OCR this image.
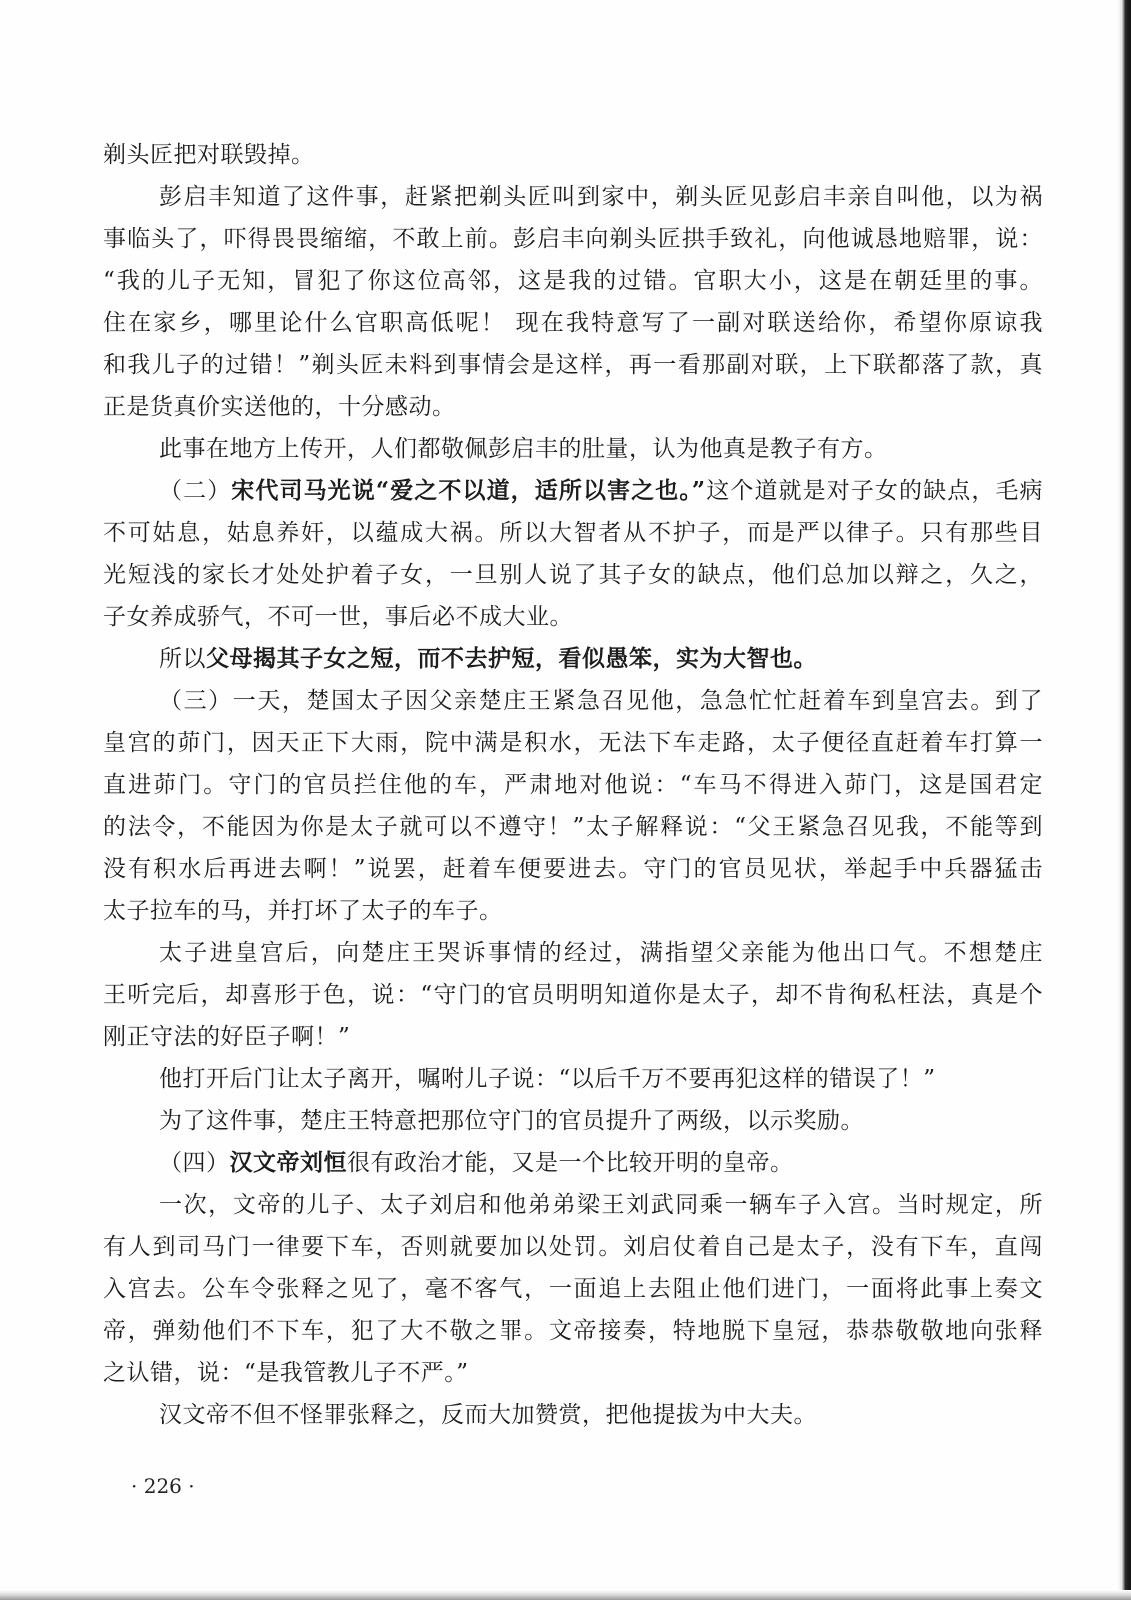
剃头匠把对联毁掉。
彭启丰知道了这件事，赶紧把剃头匠叫到家中，剃头匠见彭启丰亲自叫他，以为祸
事临头了，吓得畏畏缩缩，不敢上前。彭启丰向剃头匠拱手致礼，向他诚恳地赔罪，说：
“我的儿子无知，冒犯了你这位高邻，这是我的过错。官职大小，这是在朝廷里的事。
住在家乡，哪里论什么官职高低呢！ 现在我特意写了一副对联送给你，希望你原谅我
和我儿子的过错！”剃头匠未料到事情会是这样，再一看那副对联，上下联都落了款，真
正是货真价实送他的，十分感动。
此事在地方上传开，人们都敬佩彭启丰的肚量，认为他真是教子有方。
（二）宋代司马光说“爱之不以道，适所以害之也。”这个道就是对子女的缺点，毛病
不可姑息，姑息养奸，以蕴成大祸。所以大智者从不护子，而是严以律子。只有那些目
光短浅的家长才处处护着子女，一旦别人说了其子女的缺点，他们总加以辩之，久之，
子女养成骄气，不可一世，事后必不成大业。
所以父母揭其子女之短，而不去护短，看似愚笨，实为大智也。
（三）一天，楚国太子因父亲楚庄王紧急召见他，急急忙忙赶着车到皇宫去。到了
皇宫的茆门，因天正下大雨，院中满是积水，无法下车走路，太子便径直赶着车打算一
直进茆门。守门的官员拦住他的车，严肃地对他说：“车马不得进入茆门，这是国君定
的法令，不能因为你是太子就可以不遵守！”太子解释说：“父王紧急召见我，不能等到
没有积水后再进去啊！”说罢，赶着车便要进去。守门的官员见状，举起手中兵器猛击
太子拉车的马，并打坏了太子的车子。
太子进皇宫后，向楚庄王哭诉事情的经过，满指望父亲能为他出口气。不想楚庄
王听完后，却喜形于色，说：“守门的官员明明知道你是太子，却不肯徇私枉法，真是个
刚正守法的好臣子啊！”
他打开后门让太子离开，嘱咐儿子说：“以后千万不要再犯这样的错误了！”
为了这件事，楚庄王特意把那位守门的官员提升了两级，以示奖励。
（四）汉文帝刘恒很有政治才能，又是一个比较开明的皇帝。
一次，文帝的儿子、太子刘启和他弟弟梁王刘武同乘一辆车子入宫。当时规定，所
有人到司马门一律要下车，否则就要加以处罚。刘启仗着自己是太子，没有下车，直闯
入宫去。公车令张释之见了，毫不客气，一面追上去阻止他们进门，一面将此事上奏文
帝，弹劾他们不下车，犯了大不敬之罪。文帝接奏，特地脱下皇冠，恭恭敬敬地向张释
之认错，说：“是我管教儿子不严。”
汉文帝不但不怪罪张释之，反而大加赞赏，把他提拔为中大夫。
· 226 ·
